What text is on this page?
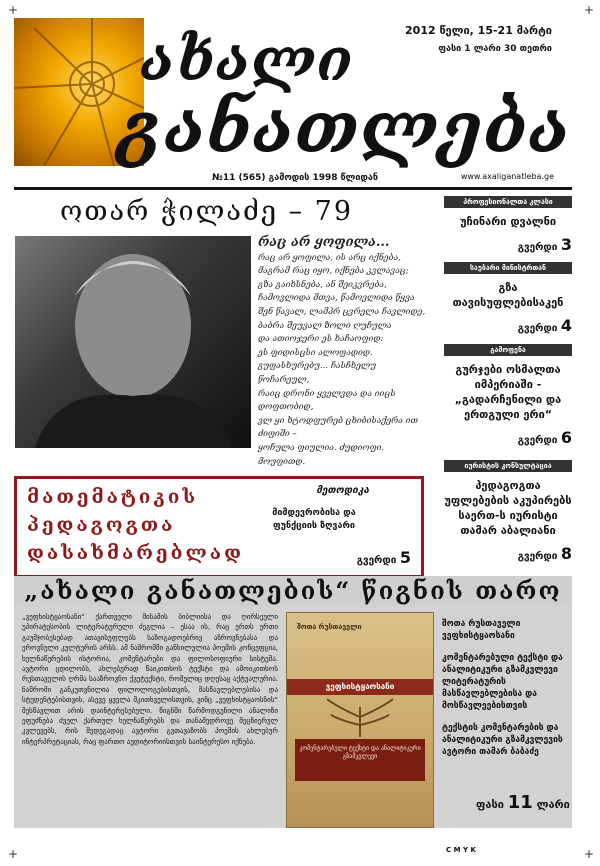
+	+
+	+
ახალი
განათლება
2012 წელი, 15-21 მარტი
ფასი 1 ლარი 30 თეთრი
№11 (565) გამოდის 1998 წლიდან	www.axaliganatleba.ge
ოთარ ჭილაძე – 79
რაც არ ყოფილა...
რაც არ ყოფილა, ის არც იქნება,
მაგრამ რაც იყო, იქნება კვლავაც;
გზა გაიხსნება, ან შეიკვრება,
ჩამოვლიდა მთვა, წამოვლიდა წყვა
შენ წავალ, ლამპრ ცვრელა ჩავლიდე,
ბაბრა შეუვალ ზოლი ღუჩულა
და ათიოჯერი ეს ხაჩაოფიდ:
ეს ფიდისცსი ალოფადიდ.
გუფასხურებუ... ჩასჩხელუ წოჩარეულ,
რაიც დრონი ყველვდა და იიცს დოფთობიდ,
ვლ ყი ხტოდფურებ ცხიბისაქერა ით ძიფიში –
ყოჩულა ფიულია. ძუდიოფი. მოუფითდ.
პროფესიონალთა კლასი
უჩინარი დვალნი
გვერდი 3
საუბარი მინისტრთან
გზა თავისუფლებისაკენ
გვერდი 4
გამოფენა
გურჯები ოსმალთა იმპერიაში - „გადარჩენილი და ერთგული ერი“
გვერდი 6
იურისტის კონსულტაცია
პედაგოგთა უფლებების აკუპირებს საერთ-ს იურისტი თამარ აბალიანი
გვერდი 8
მათემატიკის
პედაგოგთა
დასახმარებლად
მეთოდიკა
მიმდევრობისა და ფუნქციის ზღვარი
გვერდი 5
„ახალი განათლების“ წიგნის თარო
„ვეფხისტყაოსანი“ ქართველი მისამის ბიბლიისა და ღირსეული უპირატესობის ლიტერატურული ძეგლია – ესაა ის, რაც ერთს ერთი გაუმჯობესებად ათავისუფლებს საზოგადოებრივ აზროვნებასა და ეროვნული კულტურის არსს. ამ ნაშრომში განხილულია პოემის კონცეფცია, ხელნაწერების ისტორია, კომენტარები და ფილოსოფიური სისტემა. ავტორი ცდილობს, ახლებურად წაიკითხოს ტექსტი და ამოიკითხოს რუსთაველის ღრმა სააზროვნო ქვეტექსტი, რომელიც დღესაც აქტუალურია. ნაშრომი განკუთვნილია ფილოლოგებისთვის, მასწავლებლებისა და სტუდენტებისთვის, ასევე ყველა მკითხველისთვის, ვინც „ვეფხისტყაოსნის“ შესწავლით არის დაინტერესებული. წიგნში წარმოდგენილი ანალიზი ეფუძნება ძველ ქართულ ხელნაწერებს და თანამედროვე მეცნიერულ კვლევებს, რის შედეგადაც ავტორი გვთავაზობს პოემის ახლებურ ინტერპრეტაციას, რაც ფართო აუდიტორიისთვის საინტერესო იქნება.
შოთა რუსთაველი
ვეფხისტყაოსანი
კომენტარებული ტექსტი და ანალიტიკური გზამკვლევი

შოთა რუსთაველი ვეფხისტყაოსანი

კომენტარებული ტექსტი და ანალიტიკური გზამკვლევი ლიტერატურის მასწავლებლებისა და მოსწავლეებისთვის

ტექსტის კომენტარების და ანალიტიკური გზამკვლევის ავტორი თამარ ბაბაძე

ფასი 11 ლარი
C M Y K
